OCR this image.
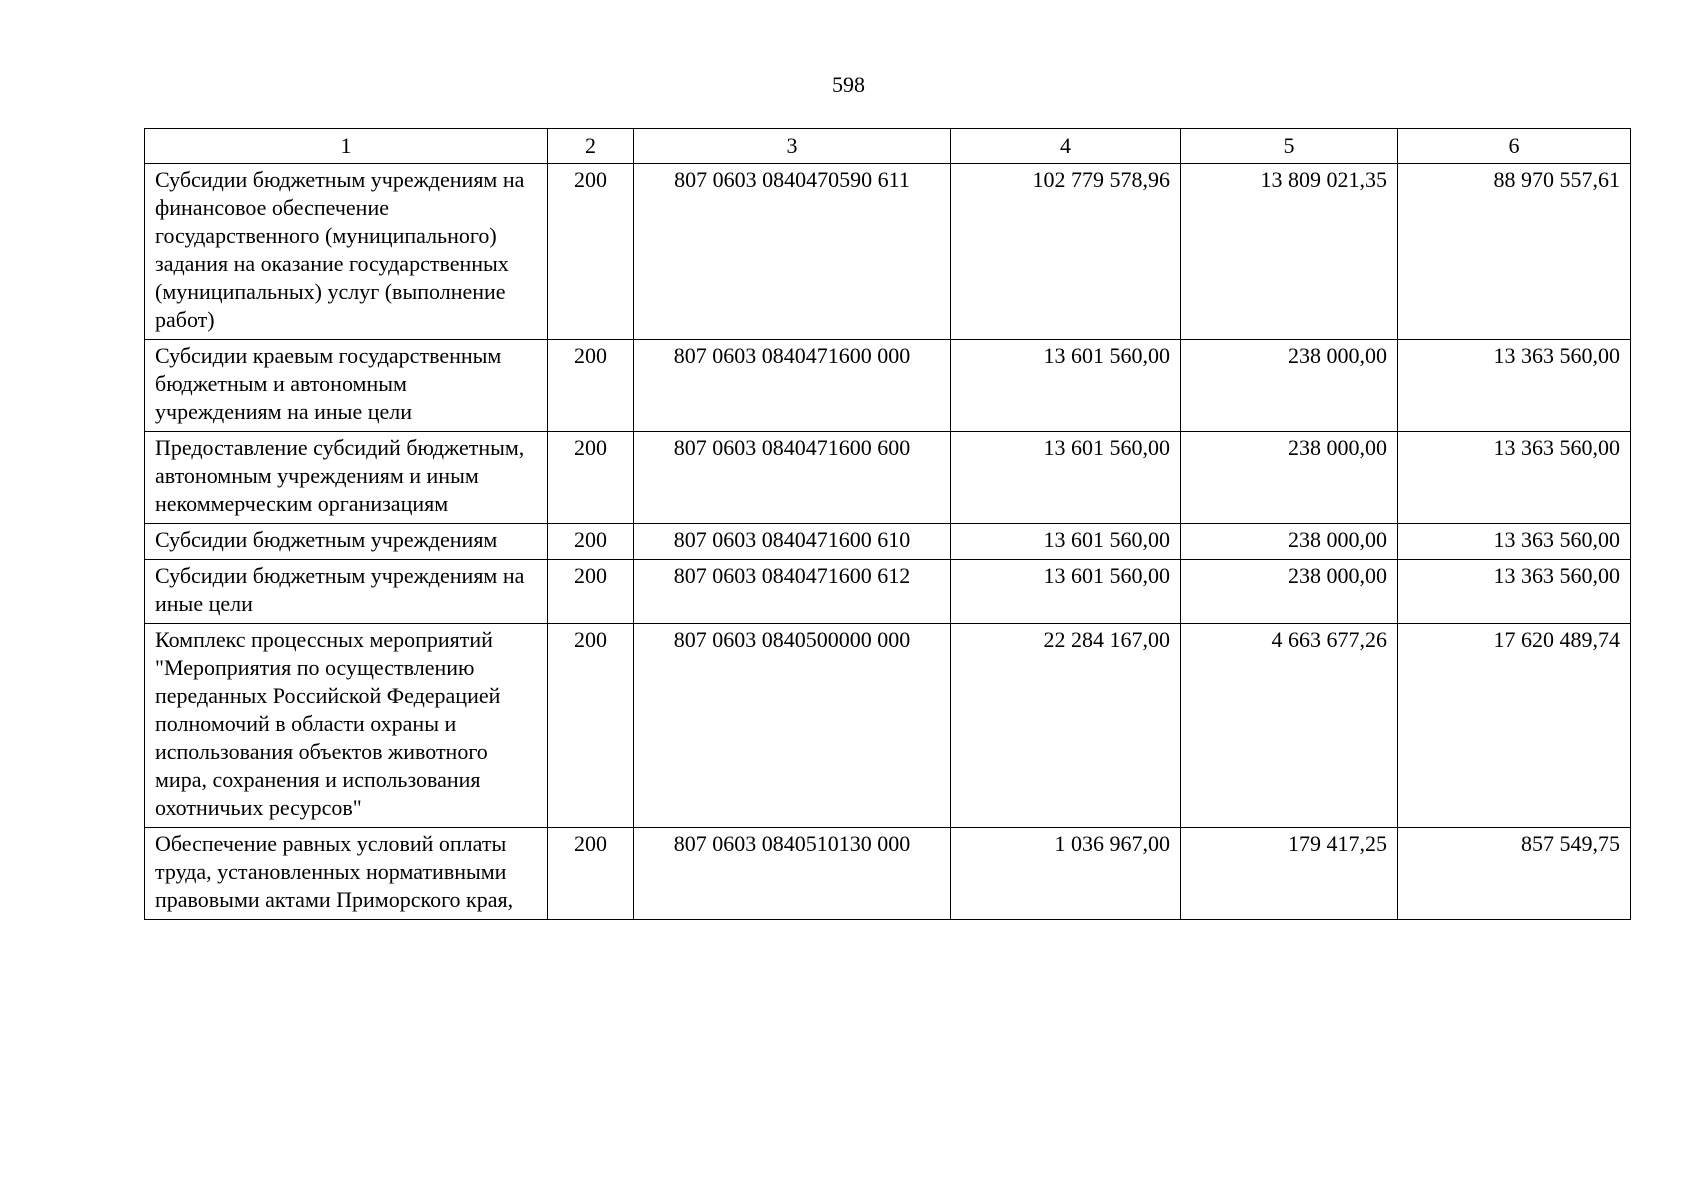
598
1	2	3	4	5	6
Субсидии бюджетным учреждениям на финансовое обеспечение государственного (муниципального) задания на оказание государственных (муниципальных) услуг (выполнение работ)	200	807 0603 0840470590 611	102 779 578,96	13 809 021,35	88 970 557,61
Субсидии краевым государственным бюджетным и автономным учреждениям на иные цели	200	807 0603 0840471600 000	13 601 560,00	238 000,00	13 363 560,00
Предоставление субсидий бюджетным, автономным учреждениям и иным некоммерческим организациям	200	807 0603 0840471600 600	13 601 560,00	238 000,00	13 363 560,00
Субсидии бюджетным учреждениям	200	807 0603 0840471600 610	13 601 560,00	238 000,00	13 363 560,00
Субсидии бюджетным учреждениям на иные цели	200	807 0603 0840471600 612	13 601 560,00	238 000,00	13 363 560,00
Комплекс процессных мероприятий "Мероприятия по осуществлению переданных Российской Федерацией полномочий в области охраны и использования объектов животного мира, сохранения и использования охотничьих ресурсов"	200	807 0603 0840500000 000	22 284 167,00	4 663 677,26	17 620 489,74
Обеспечение равных условий оплаты труда, установленных нормативными правовыми актами Приморского края,	200	807 0603 0840510130 000	1 036 967,00	179 417,25	857 549,75
